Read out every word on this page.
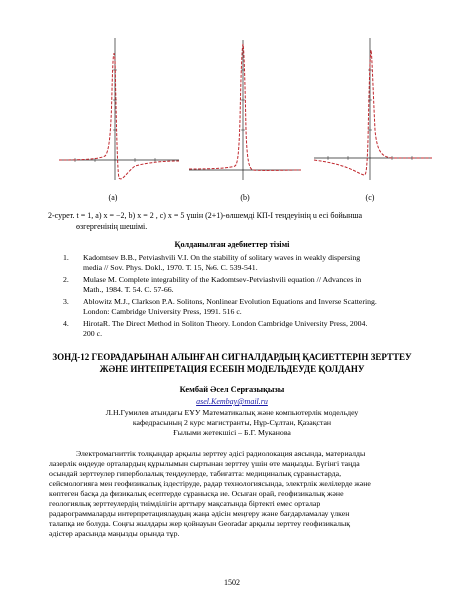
(a)	(b)	(c)
2-сурет. t = 1, a) x = −2, b) x = 2 , c) x = 5 үшін (2+1)-өлшемді КП-I теңдеуінің u есі бойынша
өзгергенінің шешімі.
Қолданылған әдебиеттер тізімі
1. Kadomtsev B.B., Petviashvili V.I. On the stability of solitary waves in weakly dispersing
media // Sov. Phys. Dokl., 1970. Т. 15, №6. С. 539-541.
2. Mulase M. Complete integrability of the Kadomtsev-Petviashvili equation // Advances in
Math., 1984. Т. 54. С. 57-66.
3. Ablowitz M.J., Clarkson P.A. Solitons, Nonlinear Evolution Equations and Inverse Scattering.
London: Cambridge University Press, 1991. 516 с.
4. HirotaR. The Direct Method in Soliton Theory. London Cambridge University Press, 2004.
200 с.
ЗОНД-12 ГЕОРАДАРЫНАН АЛЫНҒАН СИГНАЛДАРДЫҢ ҚАСИЕТТЕРІН ЗЕРТТЕУ
ЖӘНЕ ИНТЕПРЕТАЦИЯ ЕСЕБІН МОДЕЛЬДЕУДЕ ҚОЛДАНУ
Кембай Әсел Серғазықызы
asel.Kembay@mail.ru
Л.Н.Гумилев атындағы ЕҰУ Математикалық және компьютерлік модельдеу
кафедрасының 2 курс магистранты, Нұр-Сұлтан, Қазақстан
Ғылыми жетекшісі – Б.Г. Муканова
Электромагниттік толқындар арқылы зерттеу әдісі радиолокация аясында, материалды
лазерлік өңдеуде орталардың құрылымын сыртынан зерттеу үшін өте маңызды. Бүгінгі таңда
осындай зерттеулер гиперболалық теңдеулерде, табиғатта: медициналық сұраныстарда,
сейсмологияға мен геофизикалық іздестіруде, радар технологиясында, электрлік желілерде және
көптеген басқа да физикалық есептерде сұранысқа ие. Осыған орай, геофизикалық және
геологиялық зерттеулердің тиімділігін арттыру мақсатында біртекті емес орталар
радарограммаларды интерпретациялаудың жаңа әдісін меңгеру және бағдарламалау үлкен
талапқа ие болуда. Соңғы жылдары жер қойнауын Georadar арқылы зерттеу геофизикалық
әдістер арасында маңызды орында тұр.
1502
